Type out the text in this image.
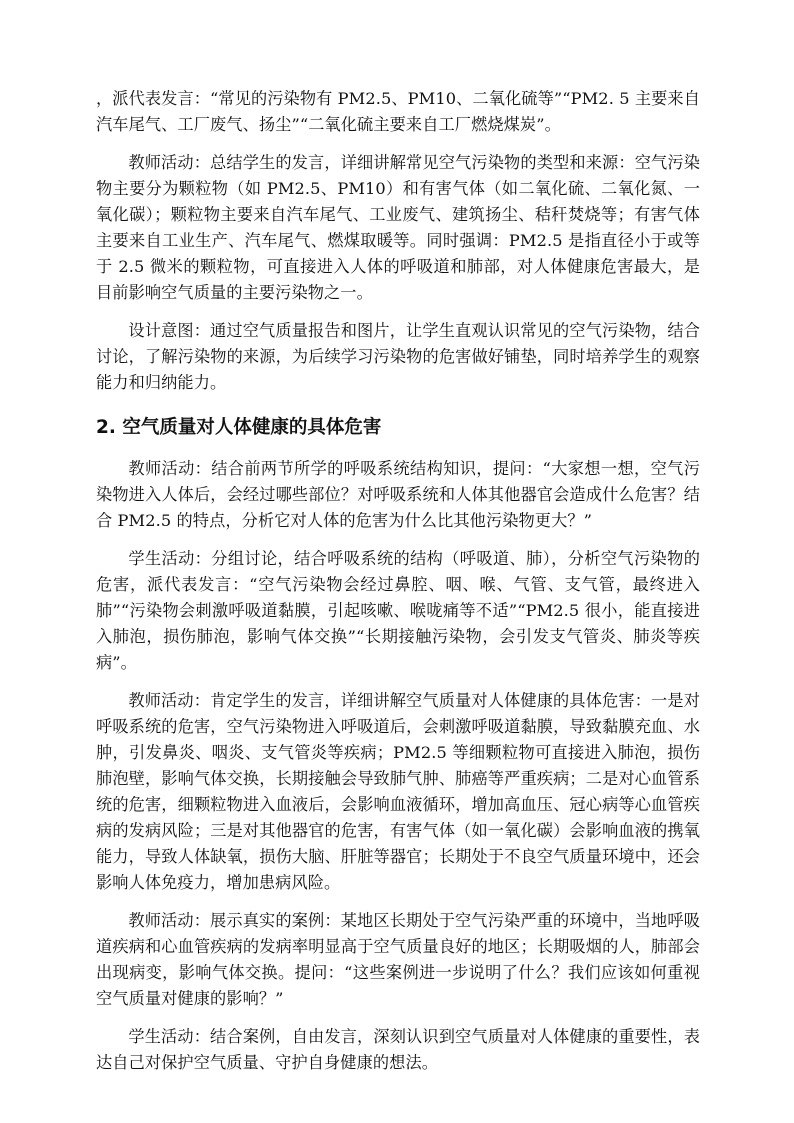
，派代表发言：“常见的污染物有 PM2.5、PM10、二氧化硫等”“PM2. 5 主要来自汽车尾气、工厂废气、扬尘”“二氧化硫主要来自工厂燃烧煤炭”。

教师活动：总结学生的发言，详细讲解常见空气污染物的类型和来源：空气污染物主要分为颗粒物（如 PM2.5、PM10）和有害气体（如二氧化硫、二氧化氮、一氧化碳）；颗粒物主要来自汽车尾气、工业废气、建筑扬尘、秸秆焚烧等；有害气体主要来自工业生产、汽车尾气、燃煤取暖等。同时强调：PM2.5 是指直径小于或等于 2.5 微米的颗粒物，可直接进入人体的呼吸道和肺部，对人体健康危害最大，是目前影响空气质量的主要污染物之一。

设计意图：通过空气质量报告和图片，让学生直观认识常见的空气污染物，结合讨论，了解污染物的来源，为后续学习污染物的危害做好铺垫，同时培养学生的观察能力和归纳能力。

2. 空气质量对人体健康的具体危害

教师活动：结合前两节所学的呼吸系统结构知识，提问：“大家想一想，空气污染物进入人体后，会经过哪些部位？对呼吸系统和人体其他器官会造成什么危害？结合 PM2.5 的特点，分析它对人体的危害为什么比其他污染物更大？”

学生活动：分组讨论，结合呼吸系统的结构（呼吸道、肺），分析空气污染物的危害，派代表发言：“空气污染物会经过鼻腔、咽、喉、气管、支气管，最终进入肺”“污染物会刺激呼吸道黏膜，引起咳嗽、喉咙痛等不适”“PM2.5 很小，能直接进入肺泡，损伤肺泡，影响气体交换”“长期接触污染物，会引发支气管炎、肺炎等疾病”。

教师活动：肯定学生的发言，详细讲解空气质量对人体健康的具体危害：一是对呼吸系统的危害，空气污染物进入呼吸道后，会刺激呼吸道黏膜，导致黏膜充血、水肿，引发鼻炎、咽炎、支气管炎等疾病；PM2.5 等细颗粒物可直接进入肺泡，损伤肺泡壁，影响气体交换，长期接触会导致肺气肿、肺癌等严重疾病；二是对心血管系统的危害，细颗粒物进入血液后，会影响血液循环，增加高血压、冠心病等心血管疾病的发病风险；三是对其他器官的危害，有害气体（如一氧化碳）会影响血液的携氧能力，导致人体缺氧，损伤大脑、肝脏等器官；长期处于不良空气质量环境中，还会影响人体免疫力，增加患病风险。

教师活动：展示真实的案例：某地区长期处于空气污染严重的环境中，当地呼吸道疾病和心血管疾病的发病率明显高于空气质量良好的地区；长期吸烟的人，肺部会出现病变，影响气体交换。提问：“这些案例进一步说明了什么？我们应该如何重视空气质量对健康的影响？”

学生活动：结合案例，自由发言，深刻认识到空气质量对人体健康的重要性，表达自己对保护空气质量、守护自身健康的想法。
